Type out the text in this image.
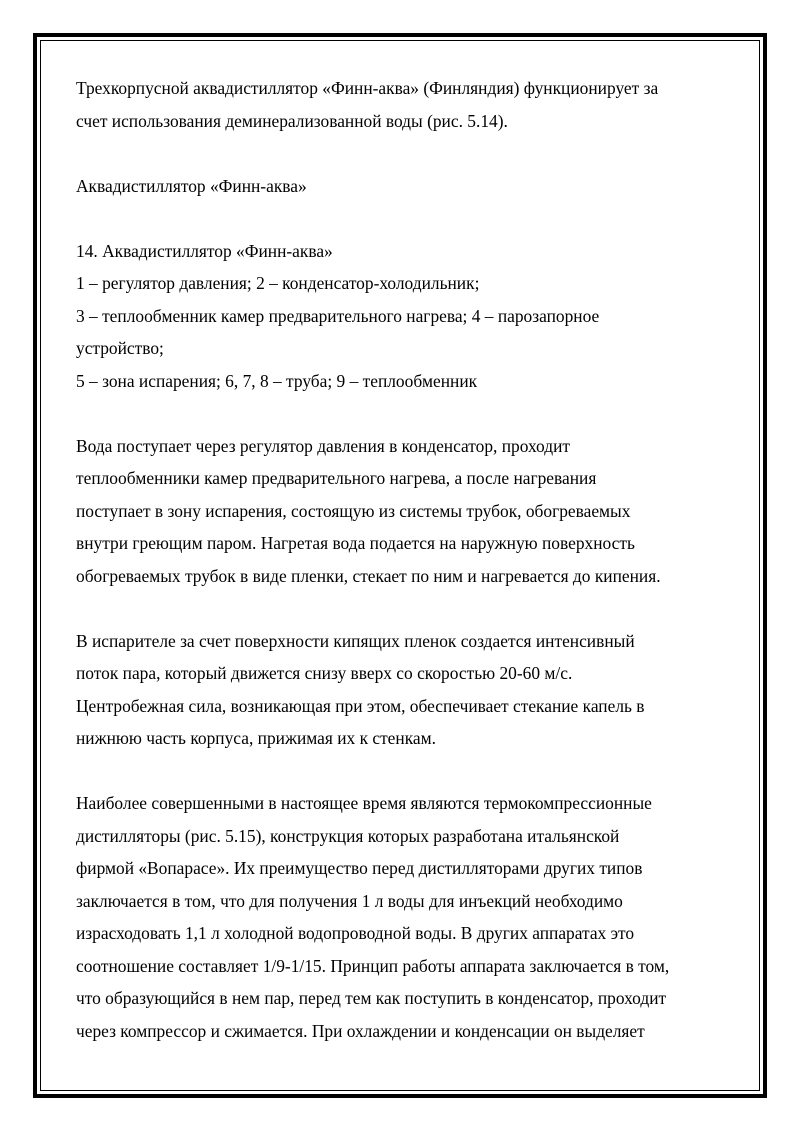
Трехкорпусной аквадистиллятор «Финн-аква» (Финляндия) функционирует за

счет использования деминерализованной воды (рис. 5.14).

Аквадистиллятор «Финн-аква»

14. Аквадистиллятор «Финн-аква»

1 – регулятор давления; 2 – конденсатор-холодильник;

3 – теплообменник камер предварительного нагрева; 4 – парозапорное

устройство;

5 – зона испарения; 6, 7, 8 – труба; 9 – теплообменник

Вода поступает через регулятор давления в конденсатор, проходит

теплообменники камер предварительного нагрева, а после нагревания

поступает в зону испарения, состоящую из системы трубок, обогреваемых

внутри греющим паром. Нагретая вода подается на наружную поверхность

обогреваемых трубок в виде пленки, стекает по ним и нагревается до кипения.

В испарителе за счет поверхности кипящих пленок создается интенсивный

поток пара, который движется снизу вверх со скоростью 20-60 м/с.

Центробежная сила, возникающая при этом, обеспечивает стекание капель в

нижнюю часть корпуса, прижимая их к стенкам.

Наиболее совершенными в настоящее время являются термокомпрессионные

дистилляторы (рис. 5.15), конструкция которых разработана итальянской

фирмой «Вопарасе». Их преимущество перед дистилляторами других типов

заключается в том, что для получения 1 л воды для инъекций необходимо

израсходовать 1,1 л холодной водопроводной воды. В других аппаратах это

соотношение составляет 1/9-1/15. Принцип работы аппарата заключается в том,

что образующийся в нем пар, перед тем как поступить в конденсатор, проходит

через компрессор и сжимается. При охлаждении и конденсации он выделяет
